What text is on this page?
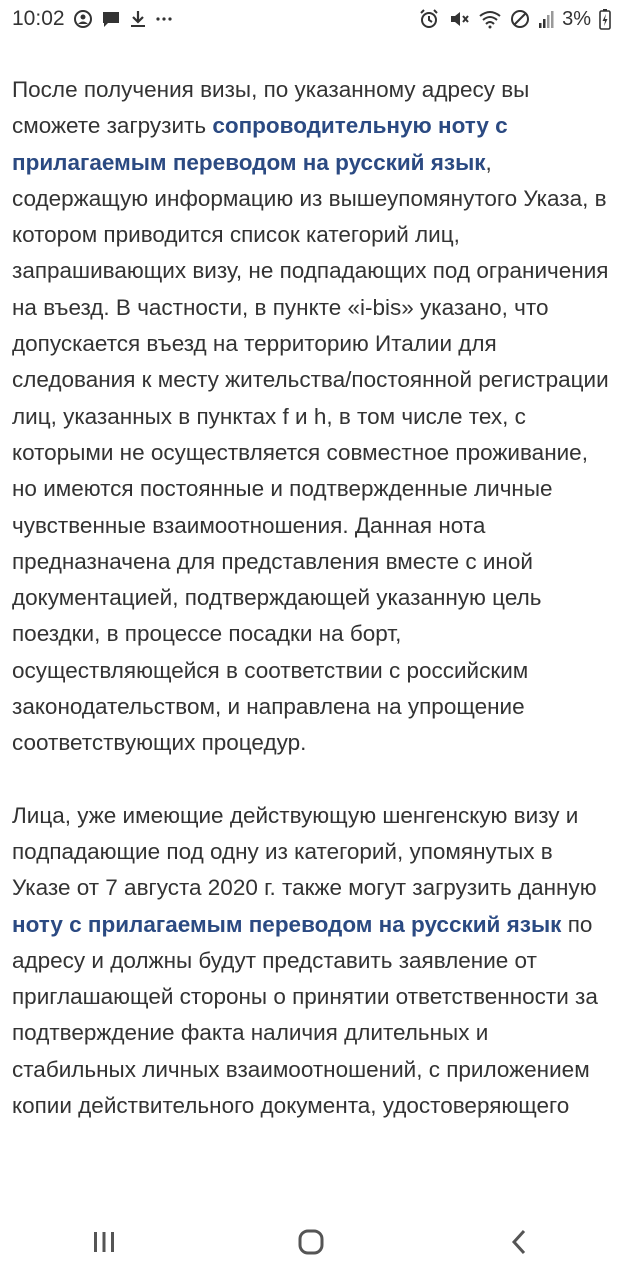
10:02	3%

После получения визы, по указанному адресу вы сможете загрузить сопроводительную ноту с прилагаемым переводом на русский язык, содержащую информацию из вышеупомянутого Указа, в котором приводится список категорий лиц, запрашивающих визу, не подпадающих под ограничения на въезд. В частности, в пункте «i-bis» указано, что допускается въезд на территорию Италии для следования к месту жительства/постоянной регистрации лиц, указанных в пунктах f и h, в том числе тех, с которыми не осуществляется совместное проживание, но имеются постоянные и подтвержденные личные чувственные взаимоотношения. Данная нота предназначена для представления вместе с иной документацией, подтверждающей указанную цель поездки, в процессе посадки на борт, осуществляющейся в соответствии с российским законодательством, и направлена на упрощение соответствующих процедур.

Лица, уже имеющие действующую шенгенскую визу и подпадающие под одну из категорий, упомянутых в Указе от 7 августа 2020 г. также могут загрузить данную ноту с прилагаемым переводом на русский язык по адресу и должны будут представить заявление от приглашающей стороны о принятии ответственности за подтверждение факта наличия длительных и стабильных личных взаимоотношений, с приложением копии действительного документа, удостоверяющего
